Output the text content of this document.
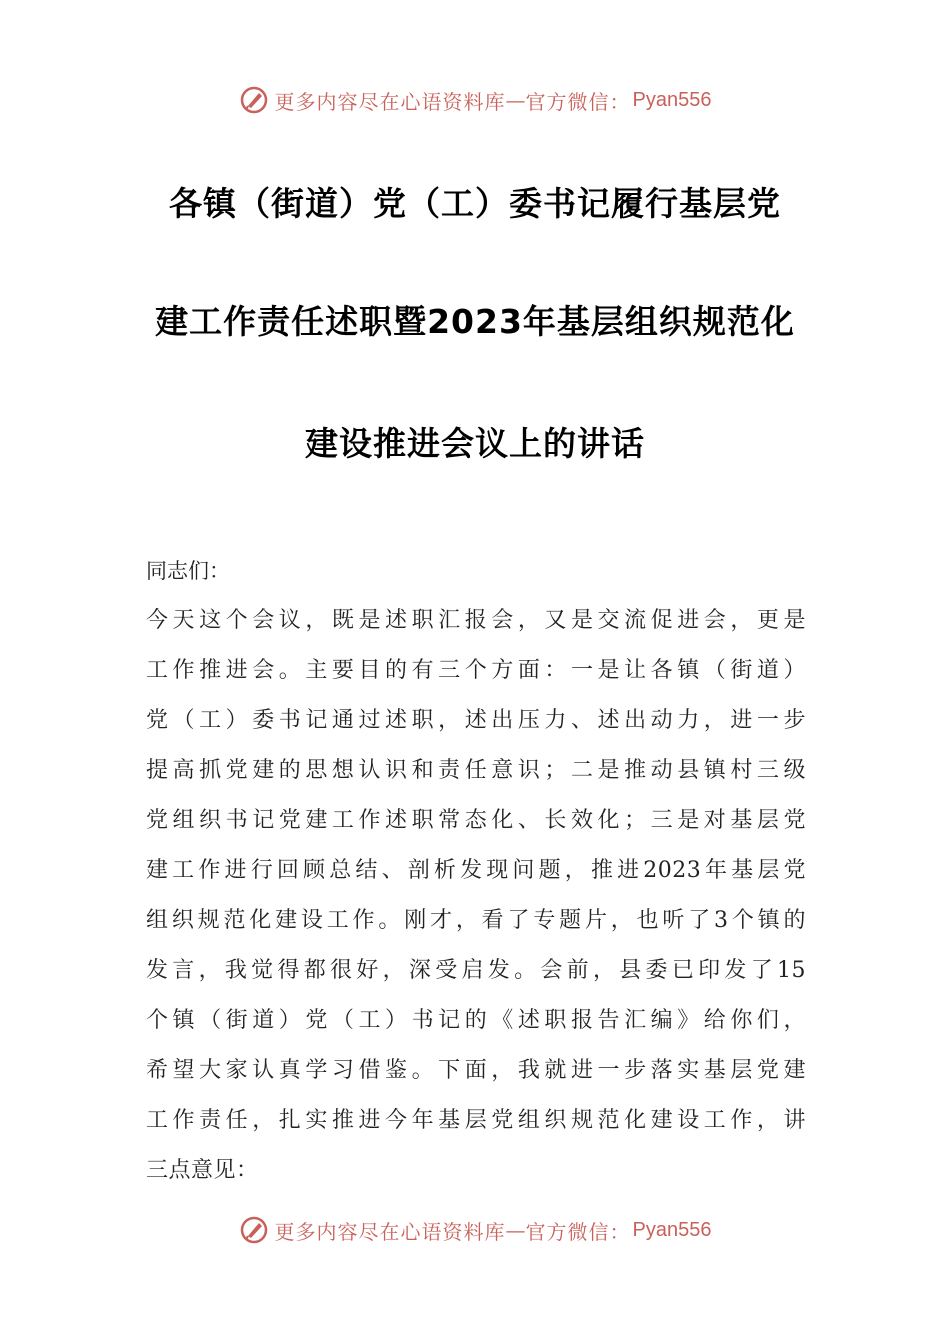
更多内容尽在心语资料库 — 官方微信： Pyan556
各镇（街道）党（工）委书记履行基层党
建工作责任述职暨2023年基层组织规范化
建设推进会议上的讲话
同志们：
今天这个会议，既是述职汇报会，又是交流促进会，更是
工作推进会。主要目的有三个方面：一是让各镇（街道）
党（工）委书记通过述职，述出压力、述出动力，进一步
提高抓党建的思想认识和责任意识；二是推动县镇村三级
党组织书记党建工作述职常态化、长效化；三是对基层党
建工作进行回顾总结、剖析发现问题，推进2023年基层党
组织规范化建设工作。刚才，看了专题片，也听了3个镇的
发言，我觉得都很好，深受启发。会前，县委已印发了15
个镇（街道）党（工）书记的《述职报告汇编》给你们，
希望大家认真学习借鉴。下面，我就进一步落实基层党建
工作责任，扎实推进今年基层党组织规范化建设工作，讲
三点意见：
更多内容尽在心语资料库 — 官方微信： Pyan556
